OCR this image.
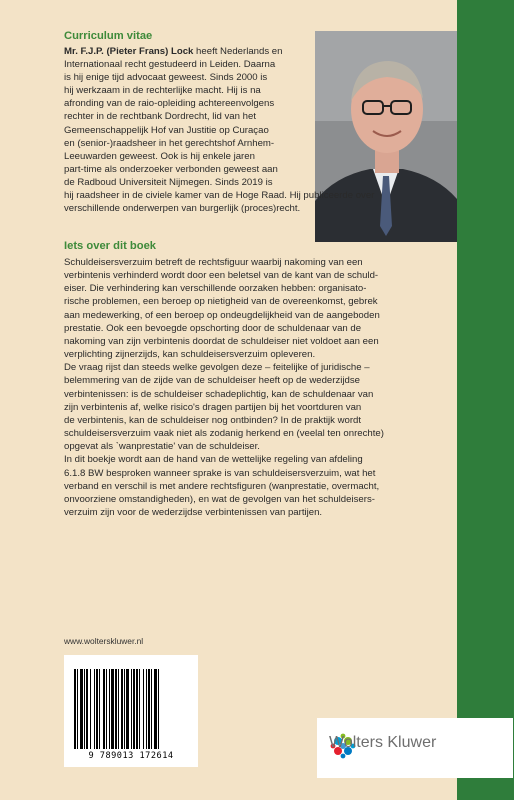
Curriculum vitae
Mr. F.J.P. (Pieter Frans) Lock heeft Nederlands en
Internationaal recht gestudeerd in Leiden. Daarna
is hij enige tijd advocaat geweest. Sinds 2000 is
hij werkzaam in de rechterlijke macht. Hij is na
afronding van de raio-opleiding achtereenvolgens
rechter in de rechtbank Dordrecht, lid van het
Gemeenschappelijk Hof van Justitie op Curaçao
en (senior-)raadsheer in het gerechtshof Arnhem-
Leeuwarden geweest. Ook is hij enkele jaren
part-time als onderzoeker verbonden geweest aan
de Radboud Universiteit Nijmegen. Sinds 2019 is
hij raadsheer in de civiele kamer van de Hoge Raad. Hij publiceerde over
verschillende onderwerpen van burgerlijk (proces)recht.
Iets over dit boek
Schuldeisersverzuim betreft de rechtsfiguur waarbij nakoming van een
verbintenis verhinderd wordt door een beletsel van de kant van de schuld-
eiser. Die verhindering kan verschillende oorzaken hebben: organisato-
rische problemen, een beroep op nietigheid van de overeenkomst, gebrek
aan medewerking, of een beroep op ondeugdelijkheid van de aangeboden
prestatie. Ook een bevoegde opschorting door de schuldenaar van de
nakoming van zijn verbintenis doordat de schuldeiser niet voldoet aan een
verplichting zijnerzijds, kan schuldeisersverzuim opleveren.
De vraag rijst dan steeds welke gevolgen deze – feitelijke of juridische –
belemmering van de zijde van de schuldeiser heeft op de wederzijdse
verbintenissen: is de schuldeiser schadeplichtig, kan de schuldenaar van
zijn verbintenis af, welke risico's dragen partijen bij het voortduren van
de verbintenis, kan de schuldeiser nog ontbinden? In de praktijk wordt
schuldeisersverzuim vaak niet als zodanig herkend en (veelal ten onrechte)
opgevat als `wanprestatie' van de schuldeiser.
In dit boekje wordt aan de hand van de wettelijke regeling van afdeling
6.1.8 BW besproken wanneer sprake is van schuldeisersverzuim, wat het
verband en verschil is met andere rechtsfiguren (wanprestatie, overmacht,
onvoorziene omstandigheden), en wat de gevolgen van het schuldeisers-
verzuim zijn voor de wederzijdse verbintenissen van partijen.
www.wolterskluwer.nl
9 789013 172614
Wolters Kluwer
